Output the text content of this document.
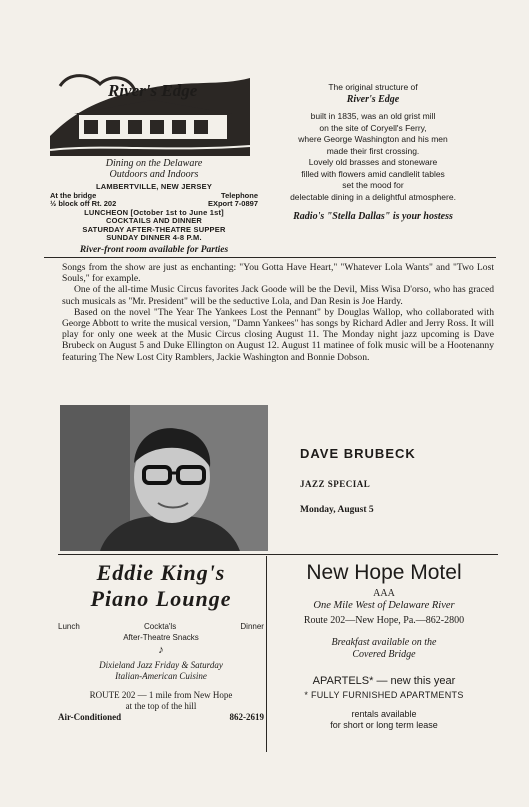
River's Edge
Dining on the Delaware
Outdoors and Indoors
LAMBERTVILLE, NEW JERSEY
At the bridge	Telephone
½ block off Rt. 202	EXport 7-0897
LUNCHEON [October 1st to June 1st]
COCKTAILS AND DINNER
SATURDAY AFTER-THEATRE SUPPER
SUNDAY DINNER 4-8 P.M.
River-front room available for Parties
The original structure of
River's Edge
built in 1835, was an old grist mill
on the site of Coryell's Ferry,
where George Washington and his men
made their first crossing.
Lovely old brasses and stoneware
filled with flowers amid candlelit tables
set the mood for
delectable dining in a delightful atmosphere.
Radio's "Stella Dallas" is your hostess

Songs from the show are just as enchanting: "You Gotta Have Heart," "Whatever Lola Wants" and "Two Lost Souls," for example.

One of the all-time Music Circus favorites Jack Goode will be the Devil, Miss Wisa D'orso, who has graced such musicals as "Mr. President" will be the seductive Lola, and Dan Resin is Joe Hardy.

Based on the novel "The Year The Yankees Lost the Pennant" by Douglas Wallop, who collaborated with George Abbott to write the musical version, "Damn Yankees" has songs by Richard Adler and Jerry Ross. It will play for only one week at the Music Circus closing August 11. The Monday night jazz upcoming is Dave Brubeck on August 5 and Duke Ellington on August 12. August 11 matinee of folk music will be a Hootenanny featuring The New Lost City Ramblers, Jackie Washington and Bonnie Dobson.

DAVE BRUBECK
JAZZ SPECIAL
Monday, August 5
Eddie King's
Piano Lounge
Lunch	Cockta'ls	Dinner
After-Theatre Snacks
♪
Dixieland Jazz Friday & Saturday
Italian-American Cuisine
ROUTE 202 — 1 mile from New Hope
at the top of the hill
Air-Conditioned	862-2619
New Hope Motel
AAA
One Mile West of Delaware River
Route 202—New Hope, Pa.—862-2800
Breakfast available on the
Covered Bridge
APARTELS* — new this year
* FULLY FURNISHED APARTMENTS
rentals available
for short or long term lease
